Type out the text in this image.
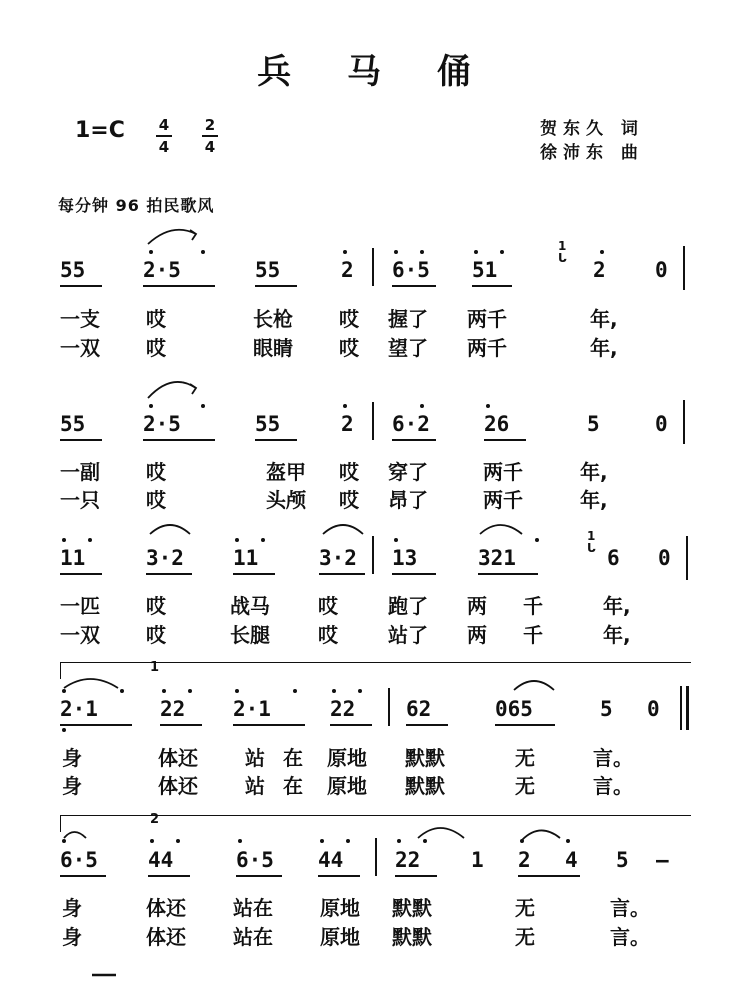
兵 马 俑
1=C 4
4
2
4
贺东久 词
徐沛东 曲
每分钟 96 拍民歌风
55	2·5	55	2 6·5 51	2 0
一支 哎	长枪 哎 握了 两千	年,
一双 哎	眼睛 哎 望了 两千	年,
55	2·5	55	2 6·2	26	5	0
一副 哎	盔甲 哎 穿了	两千	年,
一只 哎	头颅 哎 昂了	两千	年,
11	3·2 11	3·2 13	321	6 0
一匹 哎	战马 哎	跑了 两 千	年,
一双 哎	长腿 哎	站了 两 千	年,
1
2·1	22 2·1	22 62	065	5 0
身	体还 站 在 原地 默默	无	言。
身	体还 站 在 原地 默默	无	言。
2
6·5 44	6·5 44 22 1 2 4 5 —
身	体还 站在 原地 默默	无	言。
身	体还 站在 原地 默默	无	言。
1
ᒐ
1
ᒐ
